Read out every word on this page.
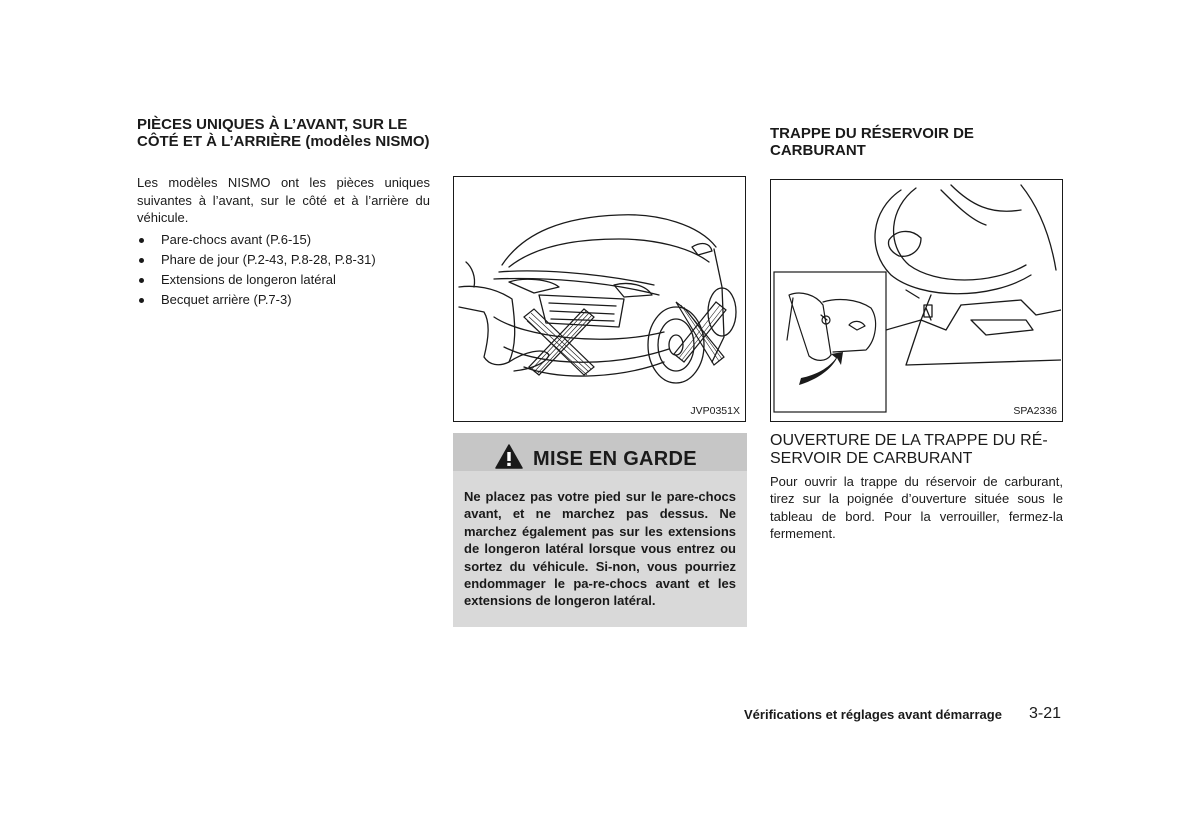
PIÈCES UNIQUES À L’AVANT, SUR LE CÔTÉ ET À L’ARRIÈRE (modèles NISMO)

Les modèles NISMO ont les pièces uniques suivantes à l’avant, sur le côté et à l’arrière du véhicule.

Pare-chocs avant (P.6-15)
Phare de jour (P.2-43, P.8-28, P.8-31)
Extensions de longeron latéral
Becquet arrière (P.7-3)
JVP0351X
MISE EN GARDE

Ne placez pas votre pied sur le pare-chocs avant, et ne marchez pas dessus. Ne marchez également pas sur les extensions de longeron latéral lorsque vous entrez ou sortez du véhicule. Si-non, vous pourriez endommager le pa-re-chocs avant et les extensions de longeron latéral.

TRAPPE DU RÉSERVOIR DE CARBURANT
SPA2336
OUVERTURE DE LA TRAPPE DU RÉ-SERVOIR DE CARBURANT

Pour ouvrir la trappe du réservoir de carburant, tirez sur la poignée d’ouverture située sous le tableau de bord. Pour la verrouiller, fermez-la fermement.

Vérifications et réglages avant démarrage 3-21
